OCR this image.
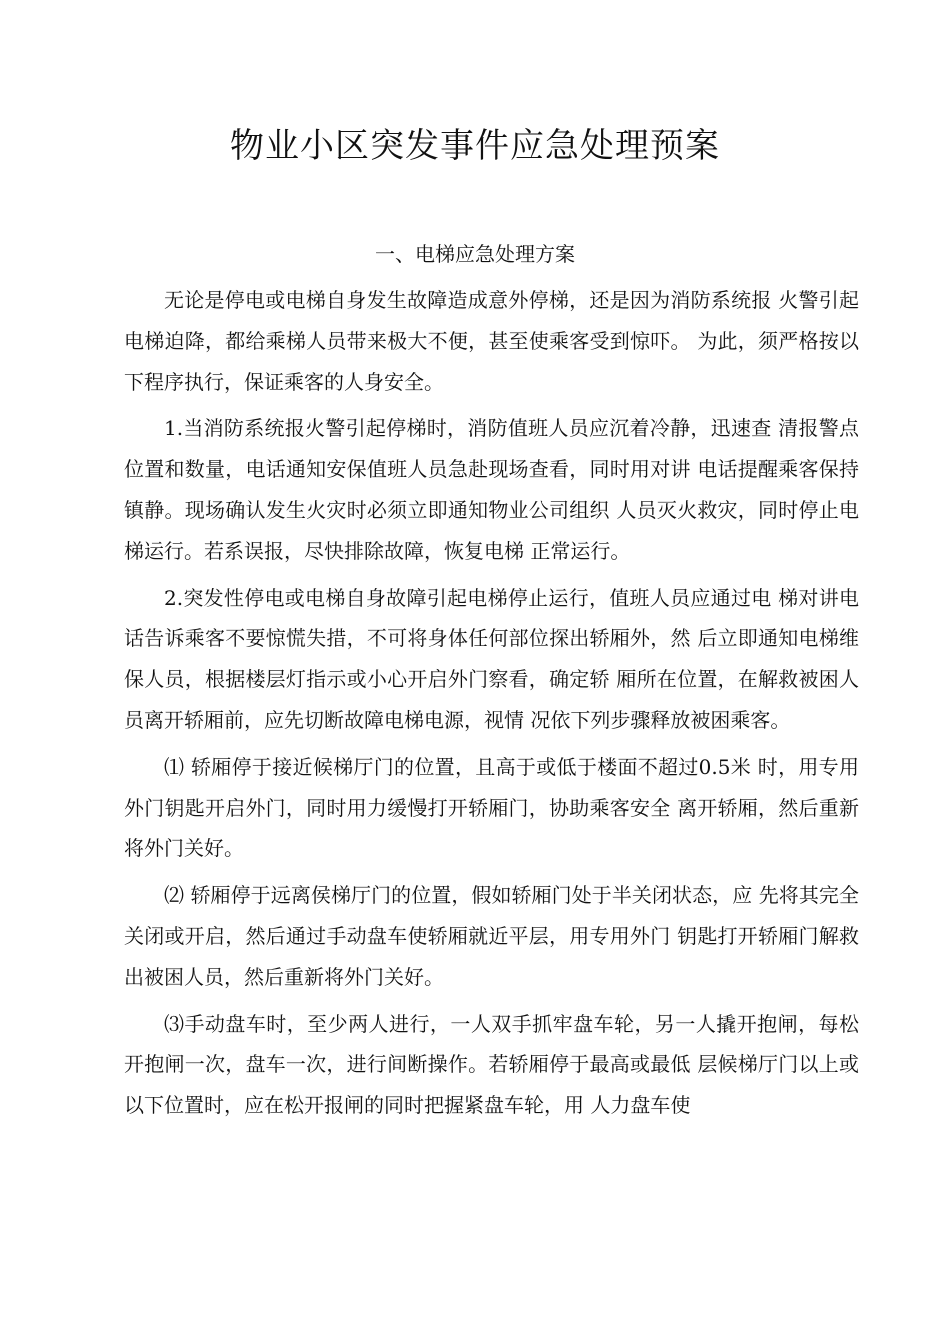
物业小区突发事件应急处理预案
一、电梯应急处理方案

无论是停电或电梯自身发生故障造成意外停梯，还是因为消防系统报 火警引起电梯迫降，都给乘梯人员带来极大不便，甚至使乘客受到惊吓。 为此，须严格按以下程序执行，保证乘客的人身安全。

1.当消防系统报火警引起停梯时，消防值班人员应沉着冷静，迅速查 清报警点位置和数量，电话通知安保值班人员急赴现场查看，同时用对讲 电话提醒乘客保持镇静。现场确认发生火灾时必须立即通知物业公司组织 人员灭火救灾，同时停止电梯运行。若系误报，尽快排除故障，恢复电梯 正常运行。

2.突发性停电或电梯自身故障引起电梯停止运行，值班人员应通过电 梯对讲电话告诉乘客不要惊慌失措，不可将身体任何部位探出轿厢外，然 后立即通知电梯维保人员，根据楼层灯指示或小心开启外门察看，确定轿 厢所在位置，在解救被困人员离开轿厢前，应先切断故障电梯电源，视情 况依下列步骤释放被困乘客。

⑴ 轿厢停于接近候梯厅门的位置，且高于或低于楼面不超过0.5米 时，用专用外门钥匙开启外门，同时用力缓慢打开轿厢门，协助乘客安全 离开轿厢，然后重新将外门关好。

⑵ 轿厢停于远离侯梯厅门的位置，假如轿厢门处于半关闭状态，应 先将其完全关闭或开启，然后通过手动盘车使轿厢就近平层，用专用外门 钥匙打开轿厢门解救出被困人员，然后重新将外门关好。

⑶手动盘车时，至少两人进行，一人双手抓牢盘车轮，另一人撬开抱闸，每松开抱闸一次，盘车一次，进行间断操作。若轿厢停于最高或最低 层候梯厅门以上或以下位置时，应在松开报闸的同时把握紧盘车轮，用 人力盘车使
